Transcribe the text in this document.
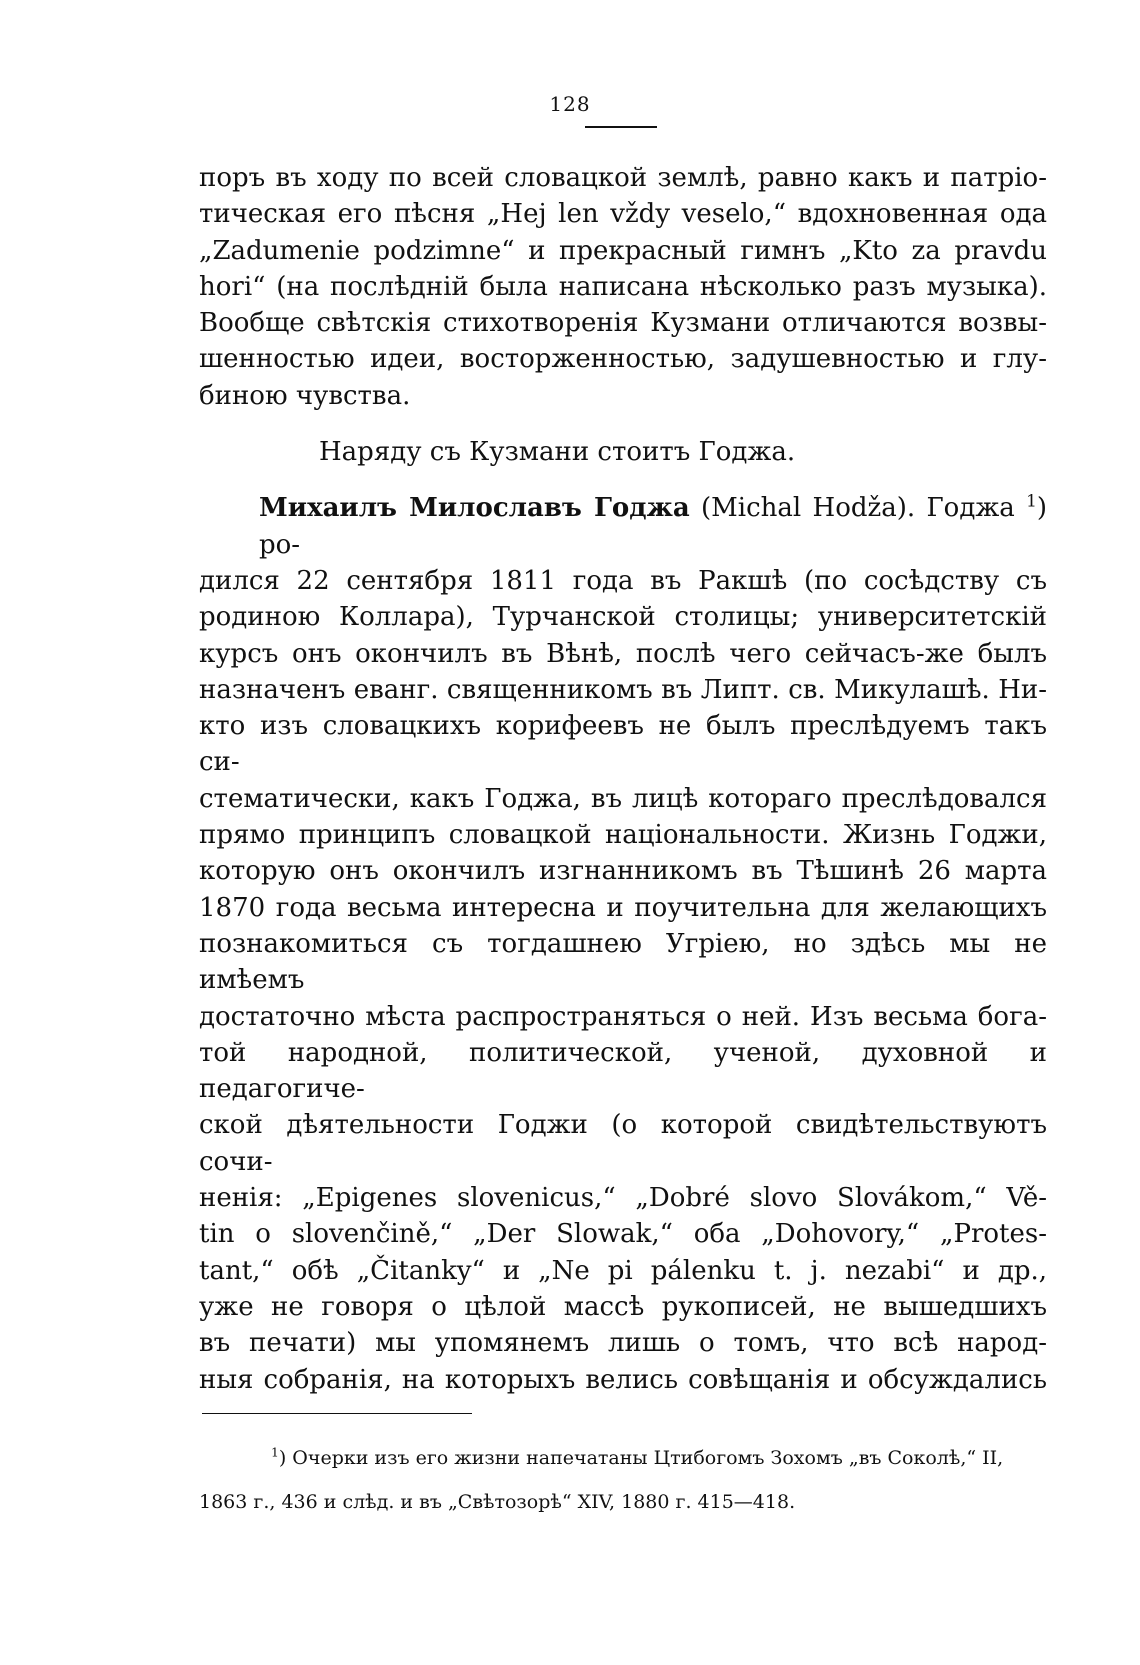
128

поръ въ ходу по всей словацкой землѣ, равно какъ и патріо-
тическая его пѣсня „Hej len vždy veselo,“ вдохновенная ода
„Zadumenie podzimne“ и прекрасный гимнъ „Kto za pravdu
hori“ (на послѣдній была написана нѣсколько разъ музыка).
Вообще свѣтскія стихотворенія Кузмани отличаются возвы-
шенностью идеи, восторженностью, задушевностью и глу-
биною чувства.

Наряду съ Кузмани стоитъ Годжа.

Михаилъ Милославъ Годжа (Michal Hodža). Годжа $^1$) ро-
дился 22 сентября 1811 года въ Ракшѣ (по сосѣдству съ
родиною Коллара), Турчанской столицы; университетскій
курсъ онъ окончилъ въ Вѣнѣ, послѣ чего сейчасъ-же былъ
назначенъ еванг. священникомъ въ Липт. св. Микулашѣ. Ни-
кто изъ словацкихъ корифеевъ не былъ преслѣдуемъ такъ си-
стематически, какъ Годжа, въ лицѣ котораго преслѣдовался
прямо принципъ словацкой національности. Жизнь Годжи,
которую онъ окончилъ изгнанникомъ въ Тѣшинѣ 26 марта
1870 года весьма интересна и поучительна для желающихъ
познакомиться съ тогдашнею Угріею, но здѣсь мы не имѣемъ
достаточно мѣста распространяться о ней. Изъ весьма бога-
той народной, политической, ученой, духовной и педагогиче-
ской дѣятельности Годжи (о которой свидѣтельствуютъ сочи-
ненія: „Epigenes slovenicus,“ „Dobré slovo Slovákom,“ Vě-
tin o slovenčině,“ „Der Slowak,“ оба „Dohovory,“ „Protes-
tant,“ обѣ „Čitanky“ и „Ne pi pálenku t. j. nezabi“ и др.,
уже не говоря о цѣлой массѣ рукописей, не вышедшихъ
въ печати) мы упомянемъ лишь о томъ, что всѣ народ-
ныя собранія, на которыхъ велись совѣщанія и обсуждались

$^1$) Очерки изъ его жизни напечатаны Цтибогомъ Зохомъ „въ Соколѣ,“ II,
1863 г., 436 и слѣд. и въ „Свѣтозорѣ“ XIV, 1880 г. 415—418.
